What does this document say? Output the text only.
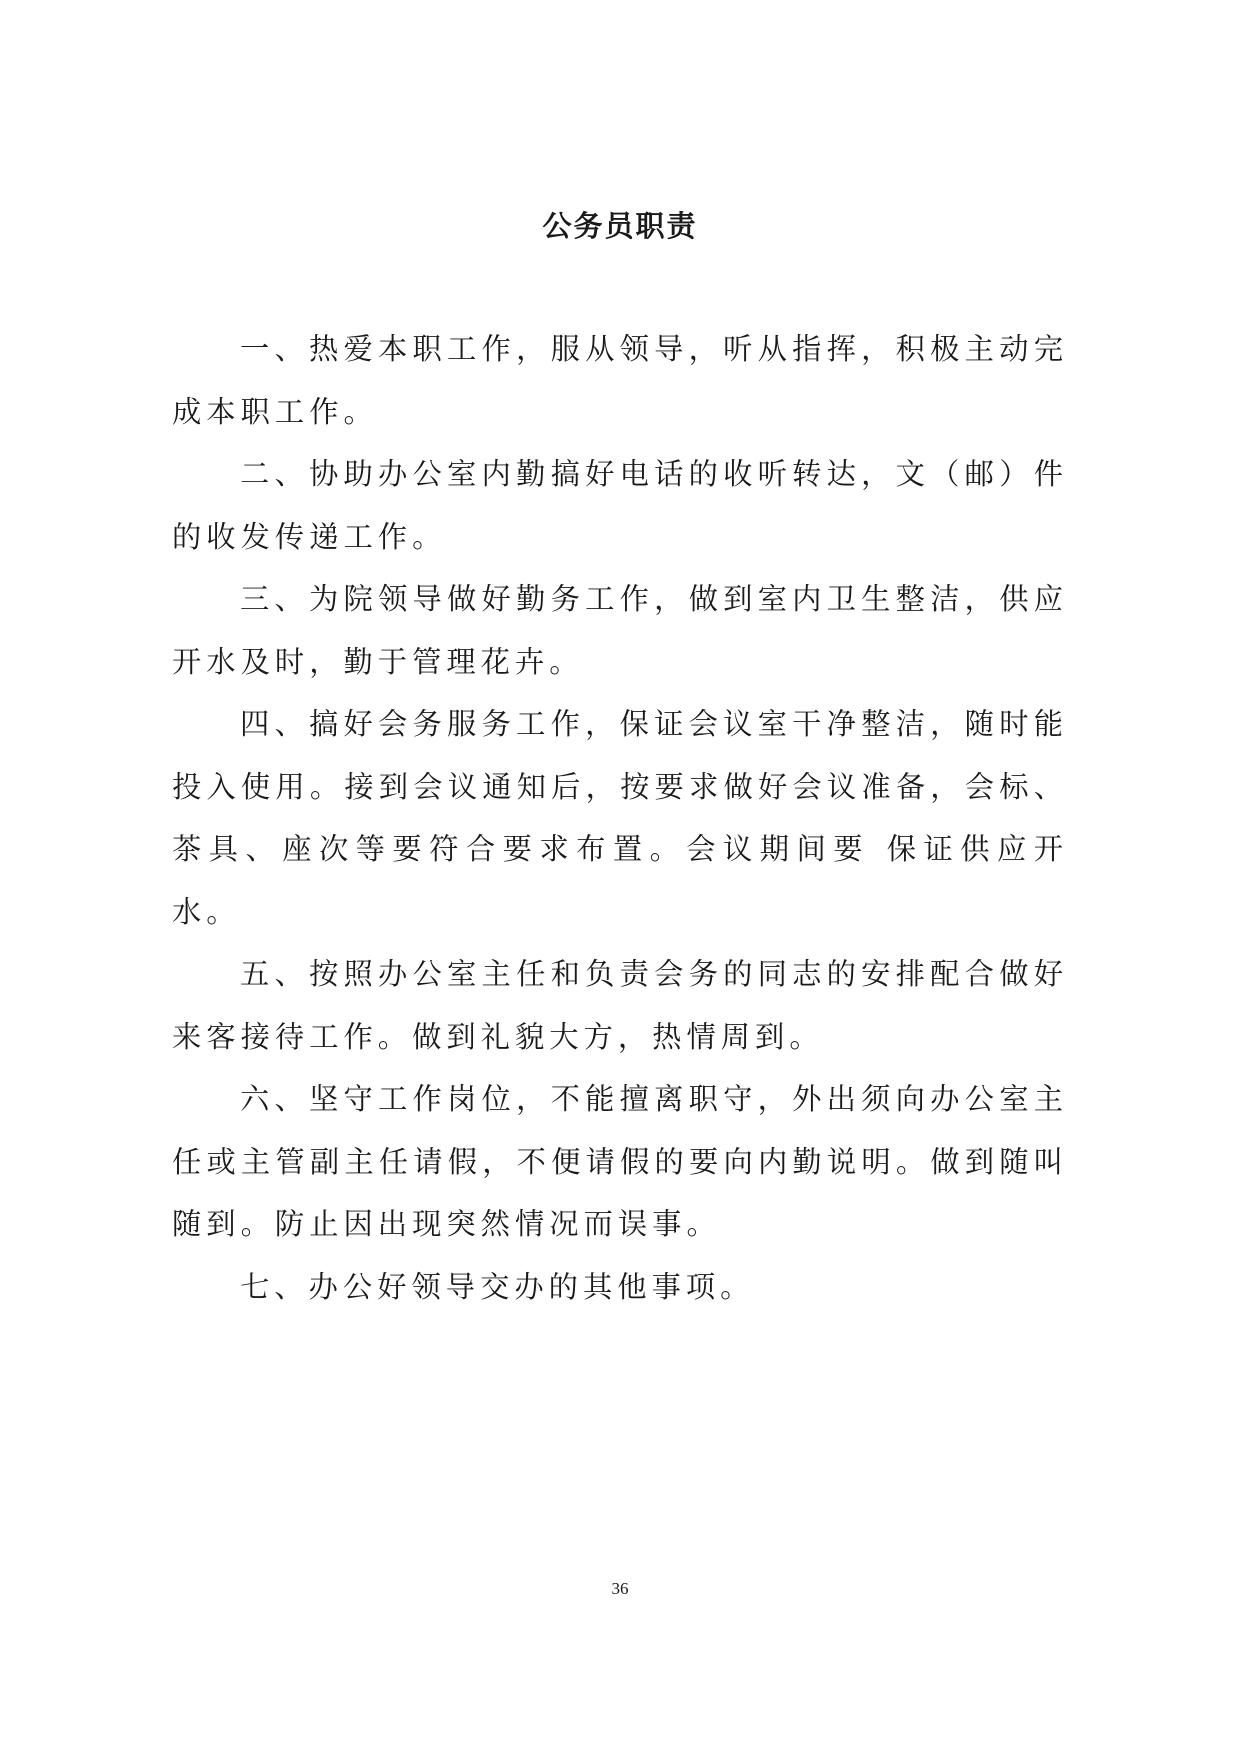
公务员职责

一、热爱本职工作，服从领导，听从指挥，积极主动完成本职工作。

二、协助办公室内勤搞好电话的收听转达，文（邮）件的收发传递工作。

三、为院领导做好勤务工作，做到室内卫生整洁，供应开水及时，勤于管理花卉。

四、搞好会务服务工作，保证会议室干净整洁，随时能投入使用。接到会议通知后，按要求做好会议准备，会标、茶具、座次等要符合要求布置。会议期间要 保证供应开水。

五、按照办公室主任和负责会务的同志的安排配合做好来客接待工作。做到礼貌大方，热情周到。

六、坚守工作岗位，不能擅离职守，外出须向办公室主任或主管副主任请假，不便请假的要向内勤说明。做到随叫随到。防止因出现突然情况而误事。

七、办公好领导交办的其他事项。

36
